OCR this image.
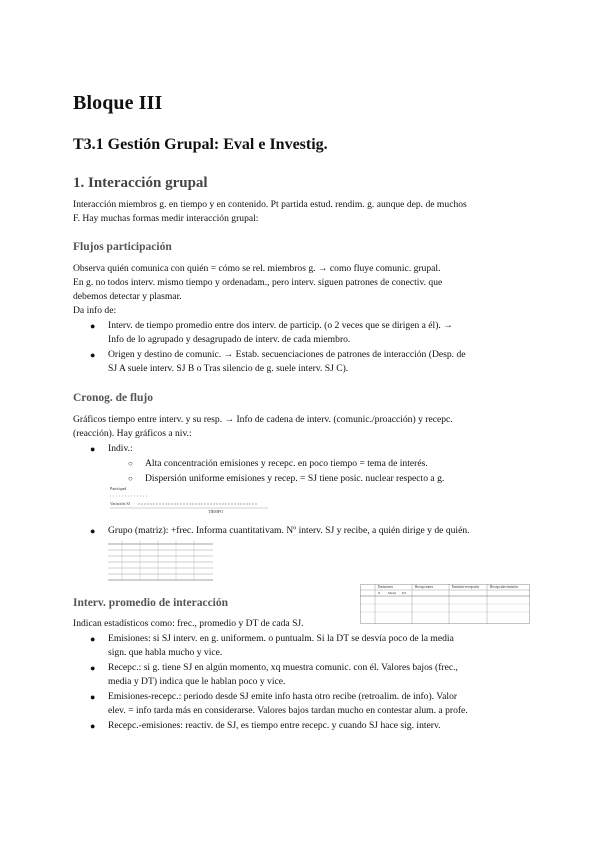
Bloque III
T3.1 Gestión Grupal: Eval e Investig.
1. Interacción grupal
Interacción miembros g. en tiempo y en contenido. Pt partida estud. rendim. g. aunque dep. de muchos
F. Hay muchas formas medir interacción grupal:
Flujos participación
Observa quién comunica con quién = cómo se rel. miembros g. → como fluye comunic. grupal.
En g. no todos interv. mismo tiempo y ordenadam., pero interv. siguen patrones de conectiv. que
debemos detectar y plasmar.
Da info de:
● Interv. de tiempo promedio entre dos interv. de particip. (o 2 veces que se dirigen a él). →
Info de lo agrupado y desagrupado de interv. de cada miembro.
● Origen y destino de comunic. → Estab. secuenciaciones de patrones de interacción (Desp. de
SJ A suele interv. SJ B o Tras silencio de g. suele interv. SJ C).
Cronog. de flujo
Gráficos tiempo entre interv. y su resp. → Info de cadena de interv. (comunic./proacción) y recepc.
(reacción). Hay gráficos a niv.:
● Indiv.:
○ Alta concentración emisiones y recepc. en poco tiempo = tema de interés.
○ Dispersión uniforme emisiones y recep. = SJ tiene posic. nuclear respecto a g.
Participad
Variación SJ
TIEMPO
● Grupo (matriz): +frec. Informa cuantitativam. Nº interv. SJ y recibe, a quién dirige y de quién.
Interv. promedio de interacción
Emisiones	Recepciones	Emisión-recepción	Recepción-emisión
N Media DT
Indican estadísticos como: frec., promedio y DT de cada SJ.
● Emisiones: si SJ interv. en g. uniformem. o puntualm. Si la DT se desvía poco de la media
sign. que habla mucho y vice.
● Recepc.: si g. tiene SJ en algún momento, xq muestra comunic. con él. Valores bajos (frec.,
media y DT) indica que le hablan poco y vice.
● Emisiones-recepc.: periodo desde SJ emite info hasta otro recibe (retroalim. de info). Valor
elev. = info tarda más en considerarse. Valores bajos tardan mucho en contestar alum. a profe.
● Recepc.-emisiones: reactiv. de SJ, es tiempo entre recepc. y cuando SJ hace sig. interv.
